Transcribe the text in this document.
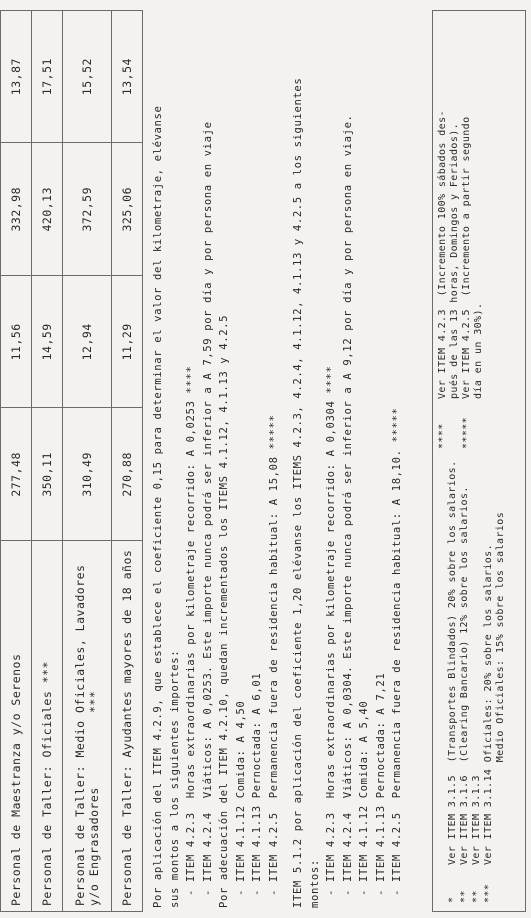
Personal de Maestranza y/o Serenos	277,48	11,56	332,98	13,87
Personal de Taller: Oficiales ***	350,11	14,59	420,13	17,51

Personal de Taller: Medio Oficiales, Lavadores y/o Engrasadores          ***	310,49	12,94	372,59	15,52
Personal de Taller: Ayudantes mayores de 18 años	270,88	11,29	325,06	13,54
Por aplicación del ITEM 4.2.9, que establece el coeficiente 0,15 para determinar el valor del kilometraje, elévanse sus montos a los siguientes importes: - ITEM 4.2.3  Horas extraordinarias por kilometraje recorrido: A 0,0253 **** - ITEM 4.2.4  Viáticos: A 0,0253. Este importe nunca podrá ser inferior a A 7,59 por día y por persona en viaje Por adecuación del ITEM 4.2.10, quedan incrementados los ITEMS 4.1.12, 4.1.13 y 4.2.5 - ITEM 4.1.12 Comida: A 4,50 - ITEM 4.1.13 Pernoctada: A 6,01 - ITEM 4.2.5  Permanencia fuera de residencia habitual: A 15,08 ***** ITEM 5.1.2 por aplicación del coeficiente 1,20 elévanse los ITEMS 4.2.3, 4.2.4, 4.1.12, 4.1.13 y 4.2.5 a los siguientes montos: - ITEM 4.2.3  Horas extraordinarias por kilometraje recorrido: A 0,0304 **** - ITEM 4.2.4  Viáticos: A 0,0304. Este importe nunca podrá ser inferior a A 9,12 por día y por persona en viaje. - ITEM 4.1.12 Comida: A 5,40 - ITEM 4.1.13 Pernoctada: A 7,21 - ITEM 4.2.5  Permanencia fuera de residencia habitual: A 18,10. *****
*
Ver ITEM 3.1.5  (Transportes Blindados) 20% sobre los salarios.
**
Ver ITEM 3.1.6  (Clearing Bancario) 12% sobre los salarios.
**
Ver ITEM 3.1.3
***
Ver ITEM 3.1.14 Oficiales: 20% sobre los salarios. Medio Oficiales: 15% sobre los salarios
****
Ver ITEM 4.2.3  (Incremento 100% sábados des- pués de las 13 horas, Domingos y Feriados).
*****
Ver ITEM 4.2.5  (Incremento a partir segundo día en un 30%).
